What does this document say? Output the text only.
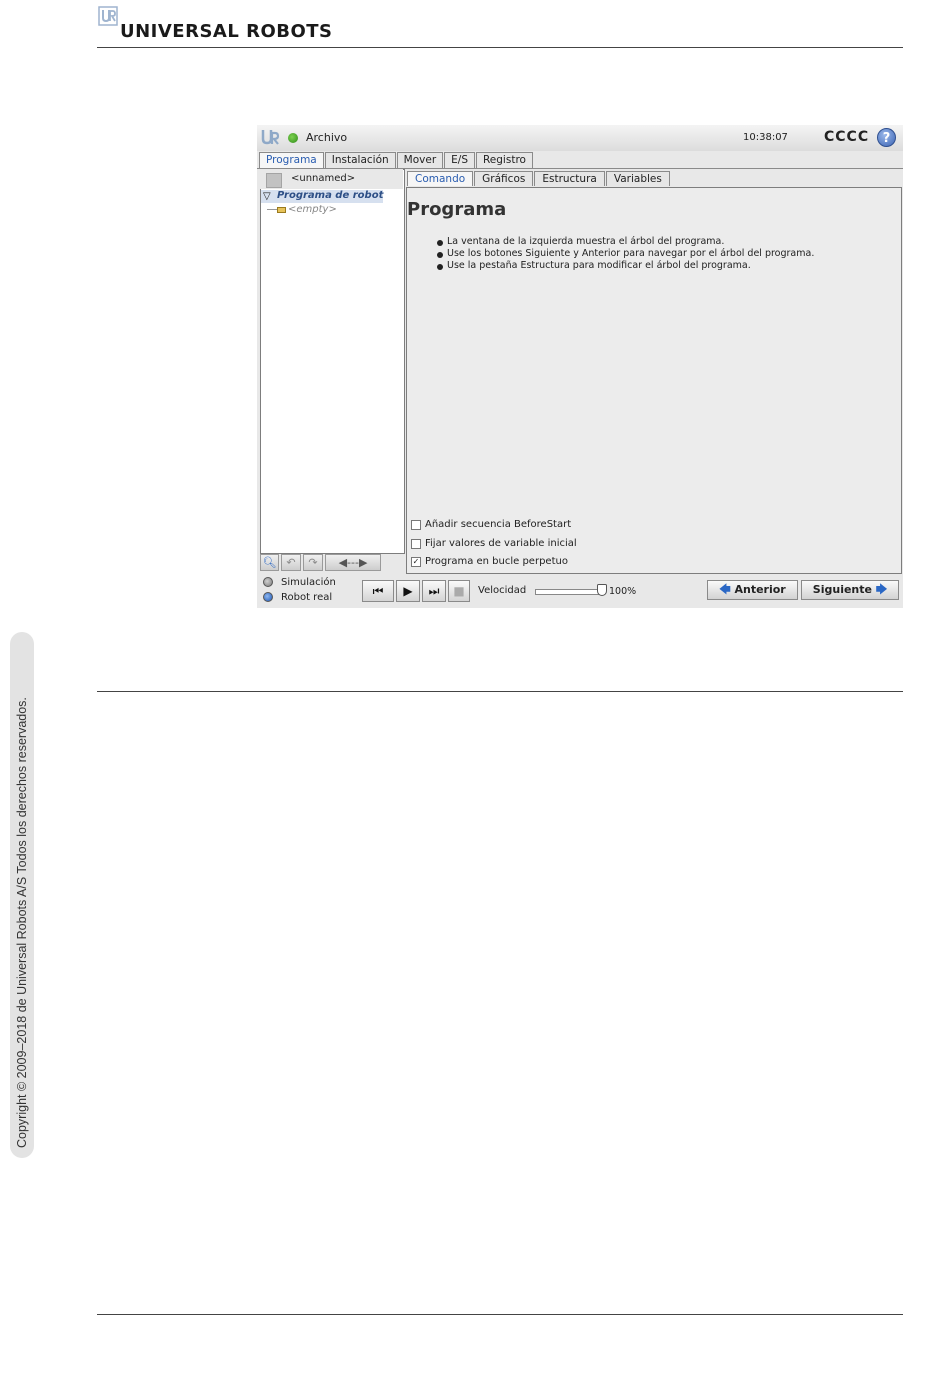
UNIVERSAL ROBOTS
Copyright © 2009–2018 de Universal Robots A/S Todos los derechos reservados.
Archivo	10:38:07	CCCC	?
Programa	Instalación	Mover	E/S	Registro
<unnamed>
▽ Programa de robot
<empty>
🔍︎ ↶	↷	◀---▶
Comando	Gráficos	Estructura	Variables
Programa
La ventana de la izquierda muestra el árbol del programa.
Use los botones Siguiente y Anterior para navegar por el árbol del programa.
Use la pestaña Estructura para modificar el árbol del programa.
Añadir secuencia BeforeStart
Fijar valores de variable inicial
✓ Programa en bucle perpetuo
Simulación
Robot real	⏮	▶	⏭	■	Velocidad	100%	🡄 Anterior	Siguiente 🡆
